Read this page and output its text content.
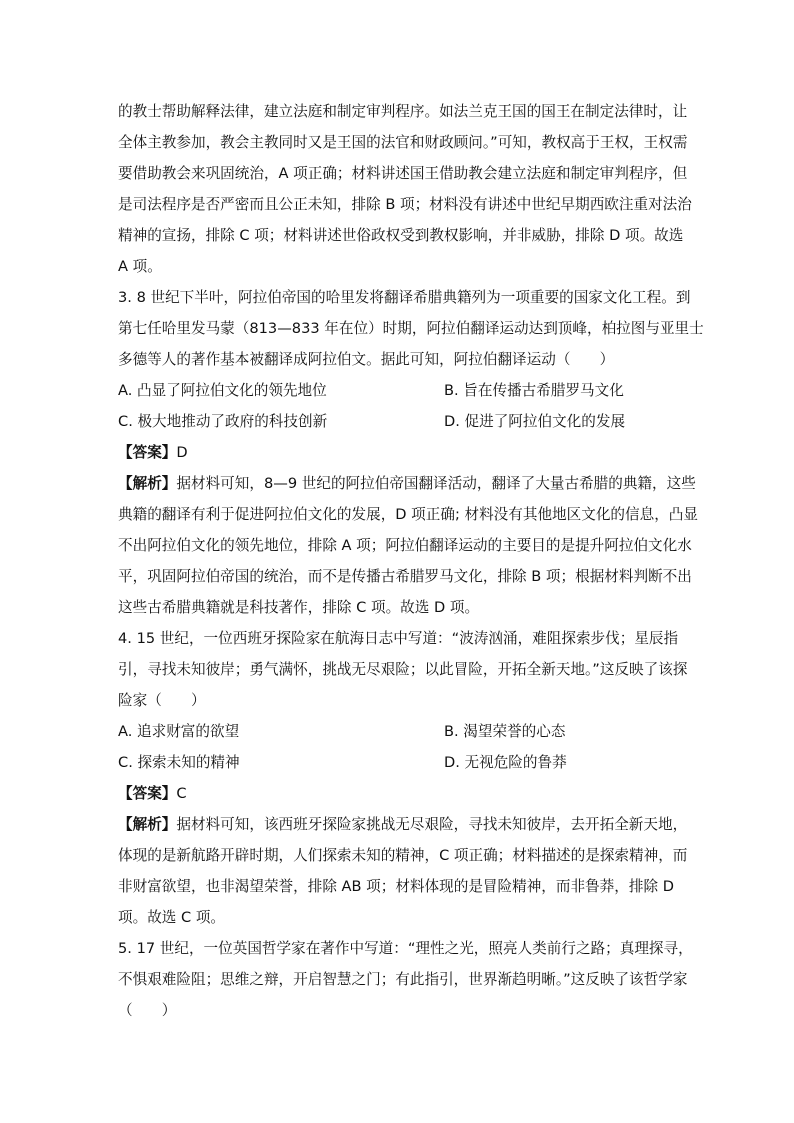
的教士帮助解释法律，建立法庭和制定审判程序。如法兰克王国的国王在制定法律时，让
全体主教参加，教会主教同时又是王国的法官和财政顾问。”可知，教权高于王权，王权需
要借助教会来巩固统治，A 项正确；材料讲述国王借助教会建立法庭和制定审判程序，但
是司法程序是否严密而且公正未知，排除 B 项；材料没有讲述中世纪早期西欧注重对法治
精神的宣扬，排除 C 项；材料讲述世俗政权受到教权影响，并非威胁，排除 D 项。故选
A 项。
3. 8 世纪下半叶，阿拉伯帝国的哈里发将翻译希腊典籍列为一项重要的国家文化工程。到
第七任哈里发马蒙（813—833 年在位）时期，阿拉伯翻译运动达到顶峰，柏拉图与亚里士
多德等人的著作基本被翻译成阿拉伯文。据此可知，阿拉伯翻译运动（　　）
A. 凸显了阿拉伯文化的领先地位	B. 旨在传播古希腊罗马文化
C. 极大地推动了政府的科技创新	D. 促进了阿拉伯文化的发展
【答案】D
【解析】据材料可知，8—9 世纪的阿拉伯帝国翻译活动，翻译了大量古希腊的典籍，这些
典籍的翻译有利于促进阿拉伯文化的发展，D 项正确; 材料没有其他地区文化的信息，凸显
不出阿拉伯文化的领先地位，排除 A 项；阿拉伯翻译运动的主要目的是提升阿拉伯文化水
平，巩固阿拉伯帝国的统治，而不是传播古希腊罗马文化，排除 B 项；根据材料判断不出
这些古希腊典籍就是科技著作，排除 C 项。故选 D 项。
4. 15 世纪，一位西班牙探险家在航海日志中写道：“波涛汹涌，难阻探索步伐；星辰指
引，寻找未知彼岸；勇气满怀，挑战无尽艰险；以此冒险，开拓全新天地。”这反映了该探
险家（　　）
A. 追求财富的欲望	B. 渴望荣誉的心态
C. 探索未知的精神	D. 无视危险的鲁莽
【答案】C
【解析】据材料可知，该西班牙探险家挑战无尽艰险，寻找未知彼岸，去开拓全新天地，
体现的是新航路开辟时期，人们探索未知的精神，C 项正确；材料描述的是探索精神，而
非财富欲望，也非渴望荣誉，排除 AB 项；材料体现的是冒险精神，而非鲁莽，排除 D
项。故选 C 项。
5. 17 世纪，一位英国哲学家在著作中写道：“理性之光，照亮人类前行之路；真理探寻，
不惧艰难险阻；思维之辩，开启智慧之门；有此指引，世界渐趋明晰。”这反映了该哲学家
（　　）
